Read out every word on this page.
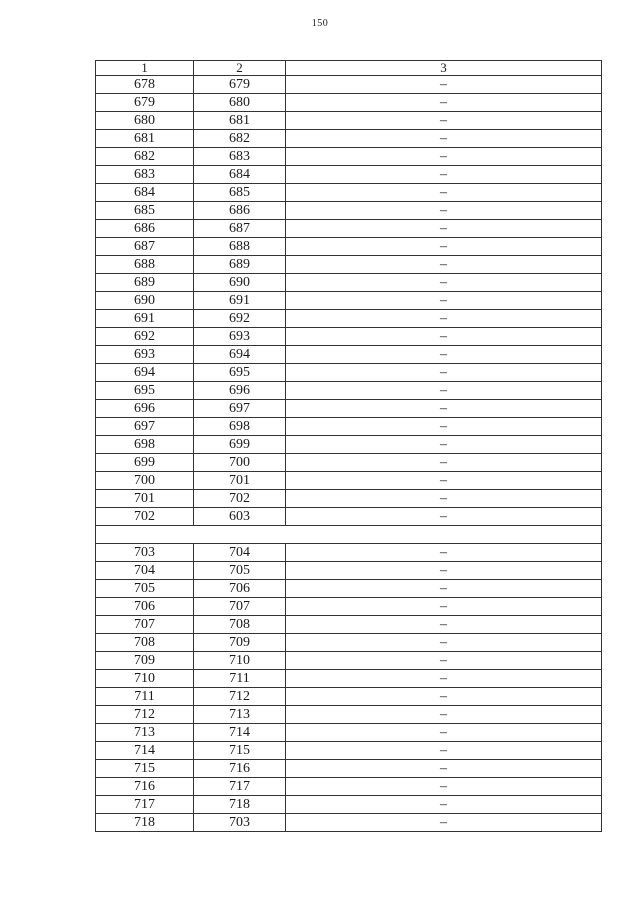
150
1	2	3
678	679	–
679	680	–
680	681	–
681	682	–
682	683	–
683	684	–
684	685	–
685	686	–
686	687	–
687	688	–
688	689	–
689	690	–
690	691	–
691	692	–
692	693	–
693	694	–
694	695	–
695	696	–
696	697	–
697	698	–
698	699	–
699	700	–
700	701	–
701	702	–
702	603	–

703	704	–
704	705	–
705	706	–
706	707	–
707	708	–
708	709	–
709	710	–
710	711	–
711	712	–
712	713	–
713	714	–
714	715	–
715	716	–
716	717	–
717	718	–
718	703	–
